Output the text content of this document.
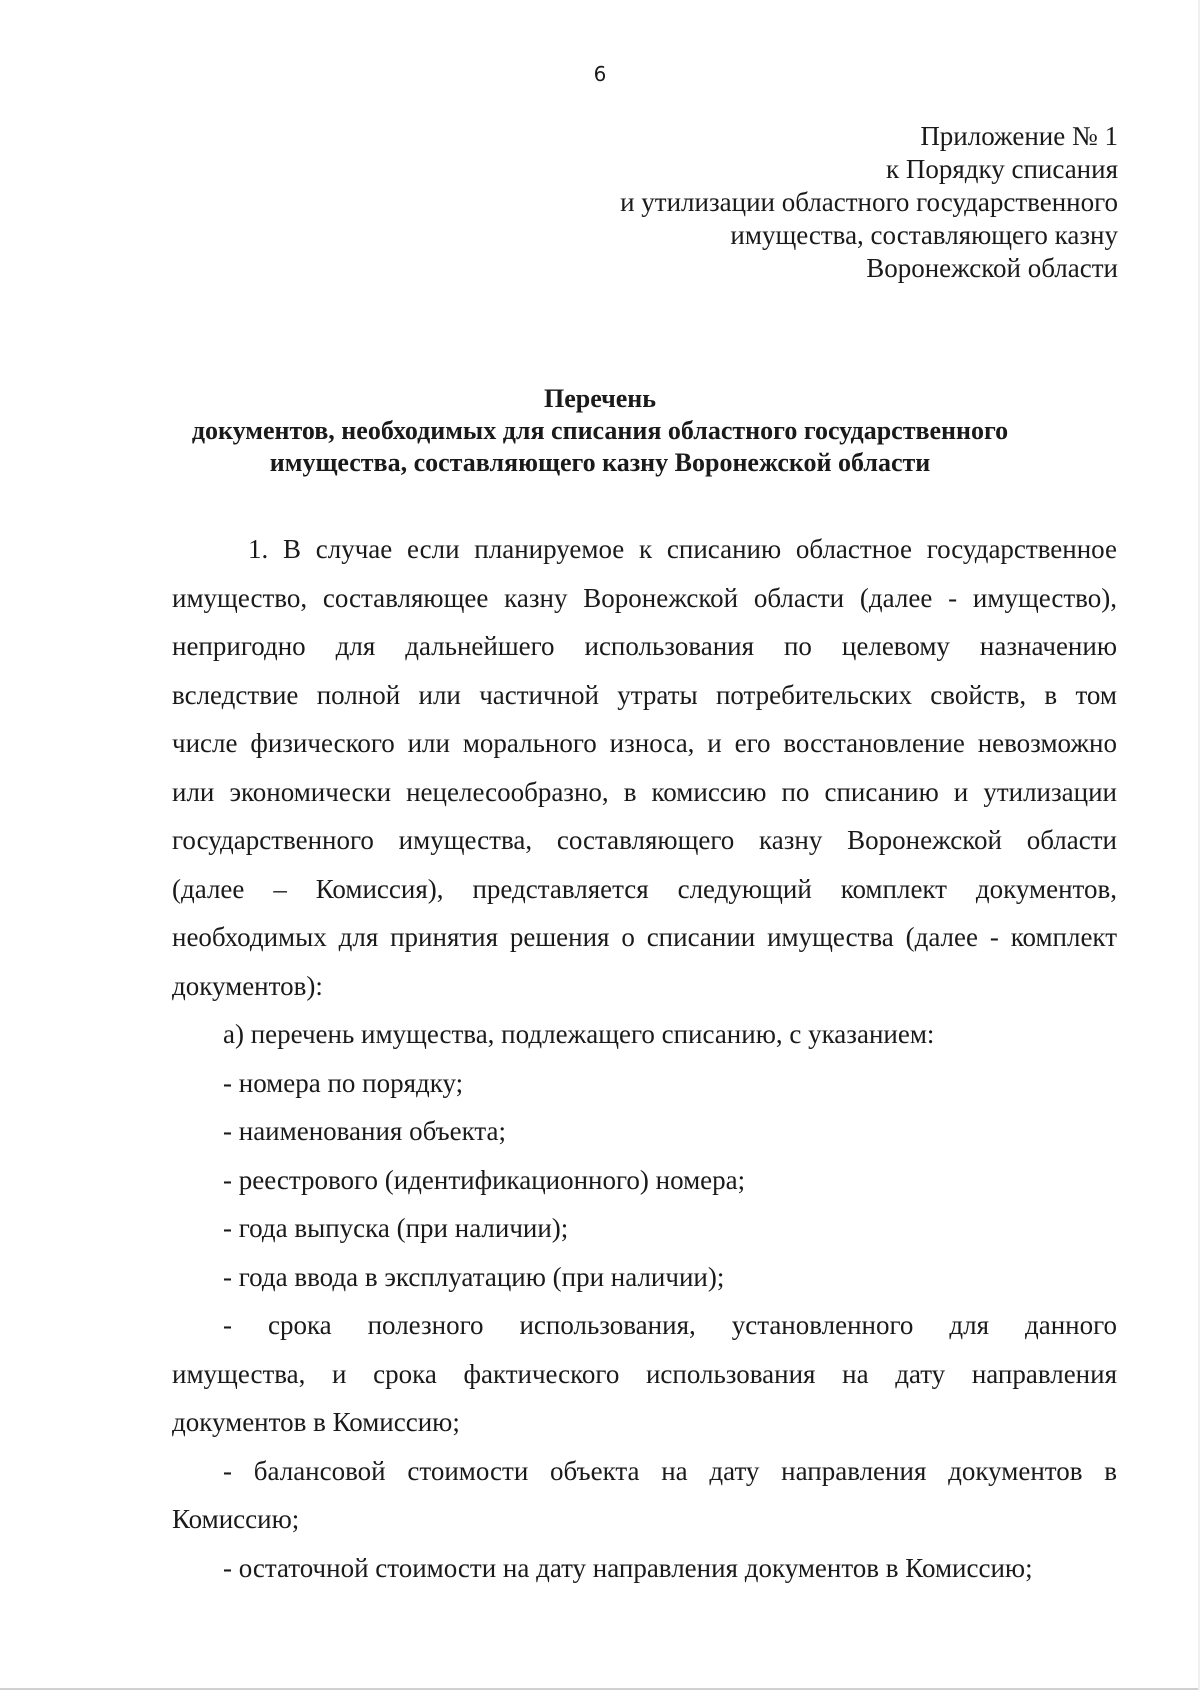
6
Приложение № 1
к Порядку списания
и утилизации областного государственного
имущества, составляющего казну
Воронежской области
Перечень
документов, необходимых для списания областного государственного
имущества, составляющего казну Воронежской области
1. В случае если планируемое к списанию областное государственное
имущество, составляющее казну Воронежской области (далее - имущество),
непригодно для дальнейшего использования по целевому назначению
вследствие полной или частичной утраты потребительских свойств, в том
числе физического или морального износа, и его восстановление невозможно
или экономически нецелесообразно, в комиссию по списанию и утилизации
государственного имущества, составляющего казну Воронежской области
(далее – Комиссия), представляется следующий комплект документов,
необходимых для принятия решения о списании имущества (далее - комплект
документов):
а) перечень имущества, подлежащего списанию, с указанием:
- номера по порядку;
- наименования объекта;
- реестрового (идентификационного) номера;
- года выпуска (при наличии);
- года ввода в эксплуатацию (при наличии);
- срока полезного использования, установленного для данного
имущества, и срока фактического использования на дату направления
документов в Комиссию;
- балансовой стоимости объекта на дату направления документов в
Комиссию;
- остаточной стоимости на дату направления документов в Комиссию;
